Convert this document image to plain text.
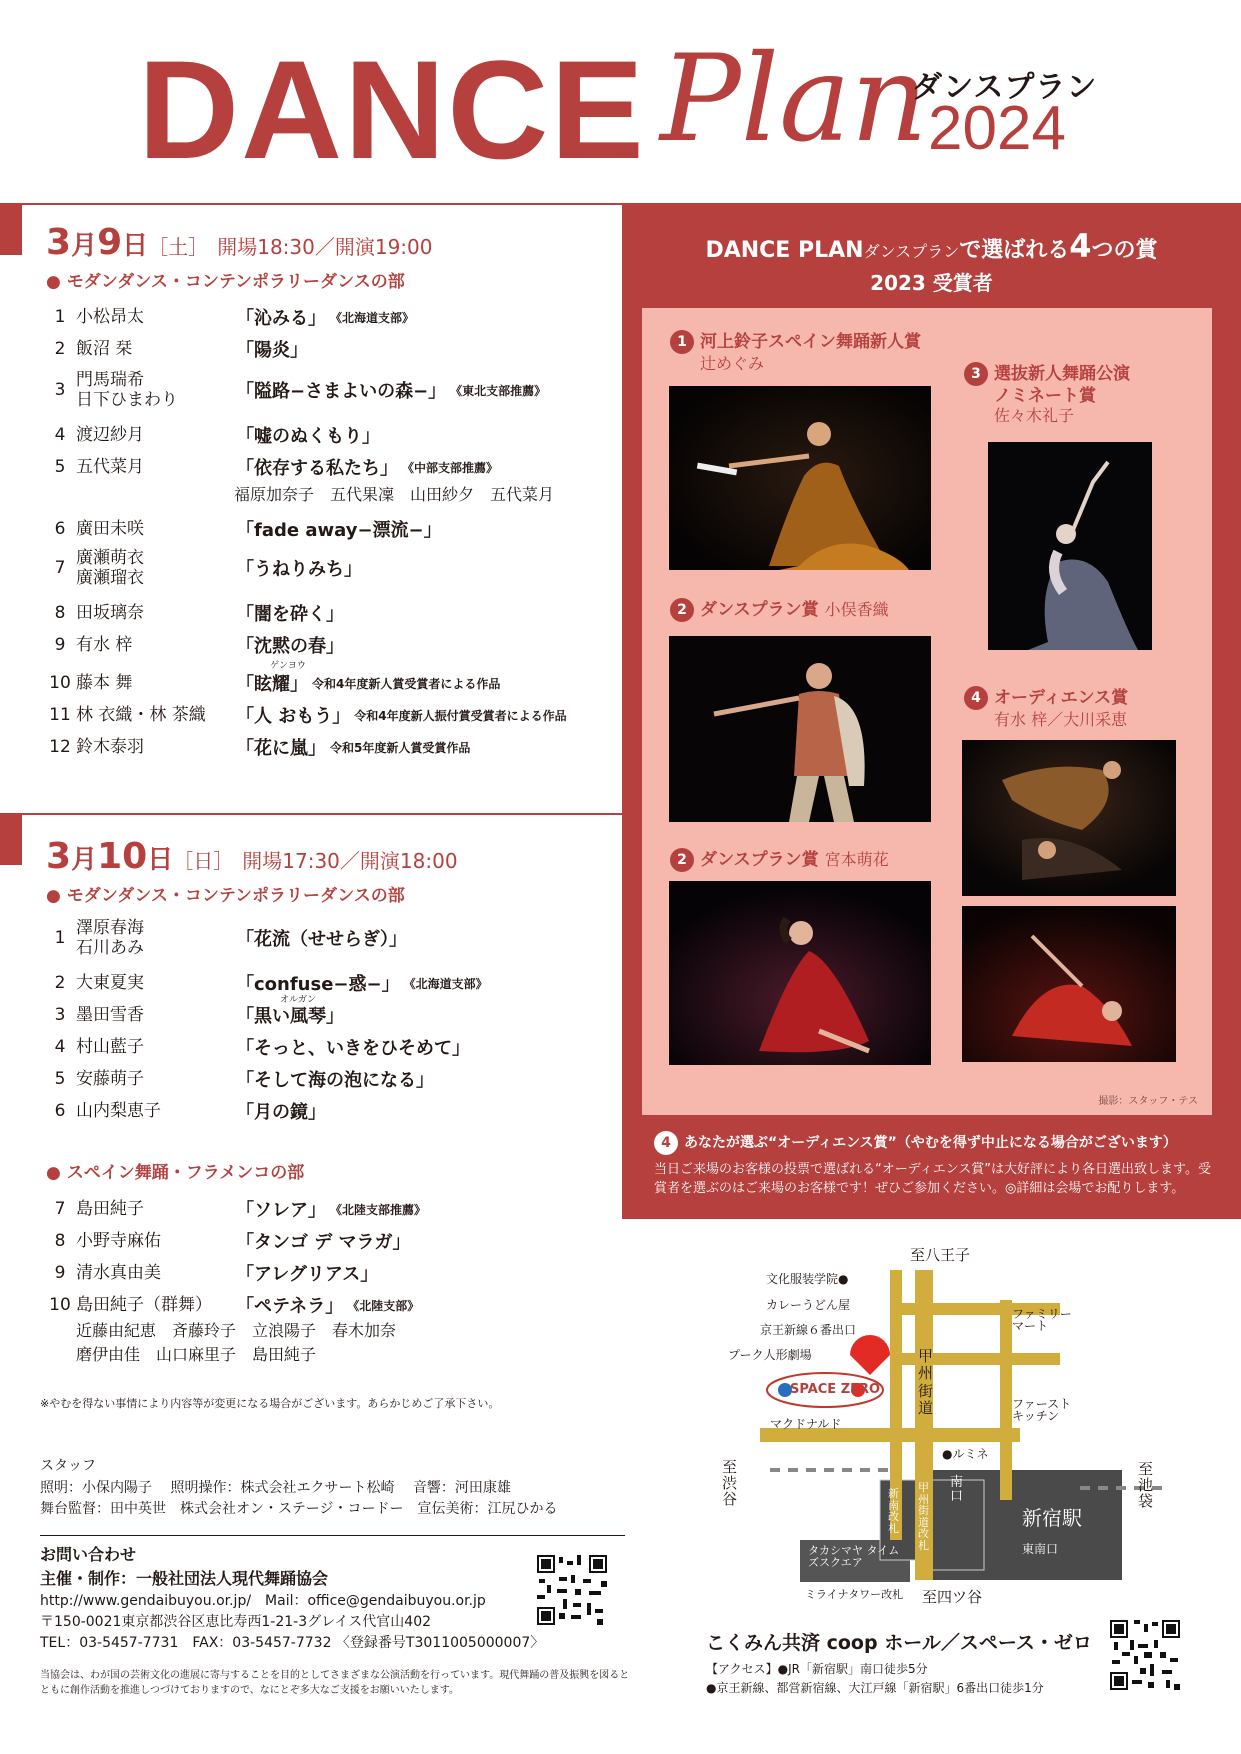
DANCE Plan
ダンスプラン
2024
3月9日［土］ 開場18:30／開演19:00
● モダンダンス・コンテンポラリーダンスの部
1 小松昂太	「沁みる」 《北海道支部》
2 飯沼 栞	「陽炎」
3
門馬瑞希
日下ひまわり	「隘路−さまよいの森−」 《東北支部推薦》
4 渡辺紗月	「嘘のぬくもり」
5 五代菜月	「依存する私たち」 《中部支部推薦》
福原加奈子　五代果凜　山田紗夕　五代菜月
6 廣田未咲	「fade away−漂流−」
7
廣瀬萌衣
廣瀬瑠衣	「うねりみち」
8 田坂璃奈	「闇を砕く」
9 有水 梓	「沈黙の春」
ゲンヨウ
10 藤本 舞	「眩耀」 令和4年度新人賞受賞者による作品
11 林 衣織・林 茶織	「人 おもう」 令和4年度新人振付賞受賞者による作品
12 鈴木泰羽	「花に嵐」 令和5年度新人賞受賞作品
3月10日［日］ 開場17:30／開演18:00
● モダンダンス・コンテンポラリーダンスの部
1
澤原春海
石川あみ	「花流（せせらぎ）」
2 大東夏実	「confuse−惑−」 《北海道支部》
オルガン
3 墨田雪香	「黒い風琴」
4 村山藍子	「そっと、いきをひそめて」
5 安藤萌子	「そして海の泡になる」
6 山内梨恵子	「月の鏡」
● スペイン舞踊・フラメンコの部
7 島田純子	「ソレア」 《北陸支部推薦》
8 小野寺麻佑	「タンゴ デ マラガ」
9 清水真由美	「アレグリアス」
10 島田純子（群舞）	「ペテネラ」 《北陸支部》
近藤由紀恵　斉藤玲子　立浪陽子　春木加奈
磨伊由佳　山口麻里子　島田純子
※やむを得ない事情により内容等が変更になる場合がございます。あらかじめご了承下さい。
スタッフ
照明：小保内陽子　 照明操作：株式会社エクサート松崎　 音響：河田康雄
舞台監督：田中英世　株式会社オン・ステージ・コードー　宣伝美術：江尻ひかる
お問い合わせ
主催・制作：一般社団法人現代舞踊協会
http://www.gendaibuyou.or.jp/　Mail：office@gendaibuyou.or.jp
〒150-0021東京都渋谷区恵比寿西1-21-3グレイス代官山402
TEL：03-5457-7731　FAX：03-5457-7732 〈登録番号T3011005000007〉
当協会は、わが国の芸術文化の進展に寄与することを目的としてさまざまな公演活動を行っています。現代舞踊の普及振興を図るとともに創作活動を推進しつづけておりますので、なにとぞ多大なご支援をお願いいたします。
DANCE PLANダンスプランで選ばれる4つの賞
2023 受賞者
1 河上鈴子スペイン舞踊新人賞
辻めぐみ
2 ダンスプラン賞 小俣香織
2 ダンスプラン賞 宮本萌花
3 選抜新人舞踊公演
ノミネート賞
佐々木礼子
4 オーディエンス賞
有水 梓／大川采恵
撮影：スタッフ・テス
4 あなたが選ぶ“オーディエンス賞”（やむを得ず中止になる場合がございます）
当日ご来場のお客様の投票で選ばれる“オーディエンス賞”は大好評により各日選出致します。受賞者を選ぶのはご来場のお客様です！ぜひご参加ください。◎詳細は会場でお配りします。
至八王子
文化服装学院●
カレーうどん屋
京王新線６番出口
プーク人形劇場
SPACE ZERO
マクドナルド
ファミリーマート
ファーストキッチン
甲州街道
●ルミネ
至渋谷
至池袋
新南改札
甲州街道改札
南口
新宿駅
東南口
タカシマヤ タイムズスクエア
ミライナタワー改札 至四ツ谷
こくみん共済 coop ホール／スペース・ゼロ
【アクセス】●JR「新宿駅」南口徒歩5分
●京王新線、都営新宿線、大江戸線「新宿駅」6番出口徒歩1分
